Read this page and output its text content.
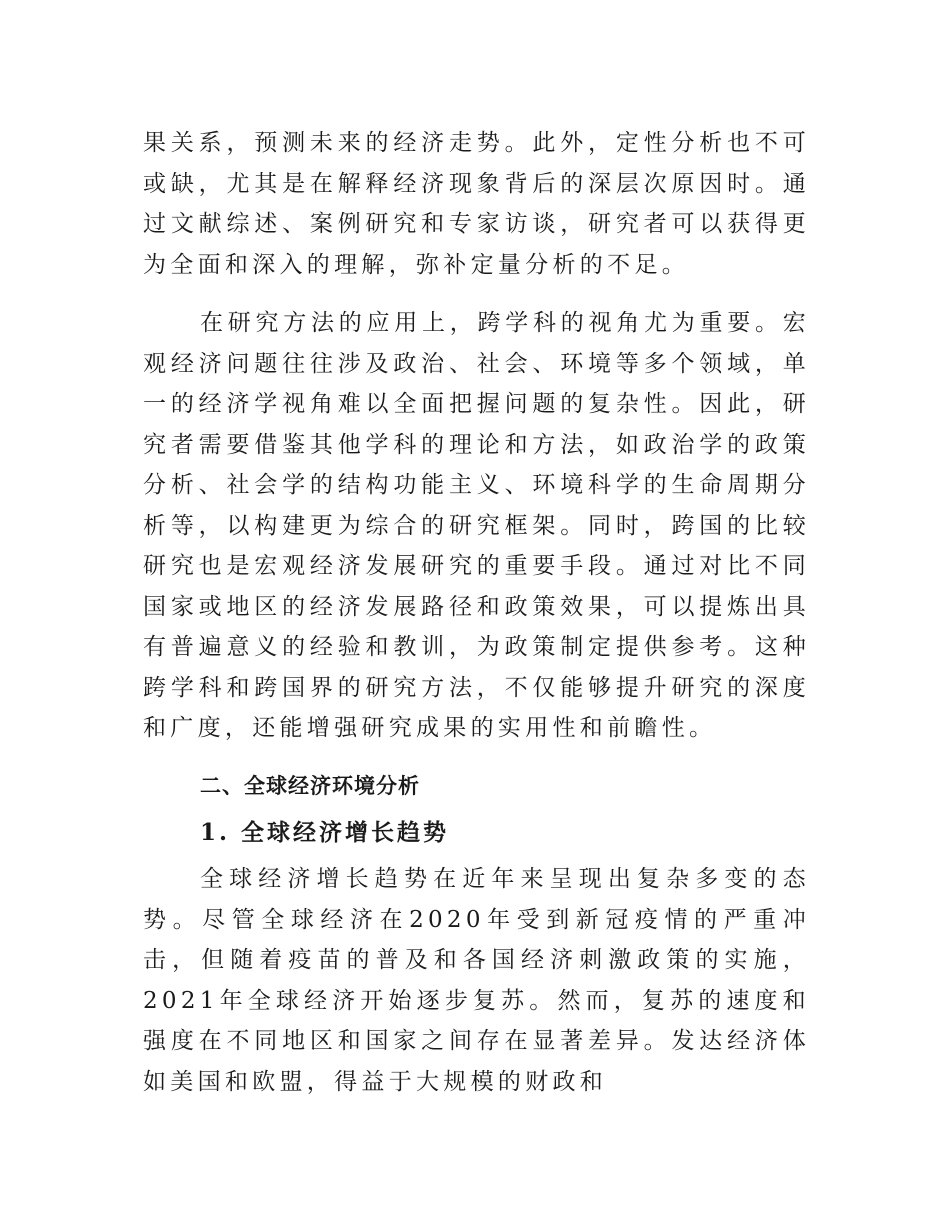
果关系，预测未来的经济走势。此外，定性分析也不可或缺，尤其是在解释经济现象背后的深层次原因时。通过文献综述、案例研究和专家访谈，研究者可以获得更为全面和深入的理解，弥补定量分析的不足。

在研究方法的应用上，跨学科的视角尤为重要。宏观经济问题往往涉及政治、社会、环境等多个领域，单一的经济学视角难以全面把握问题的复杂性。因此，研究者需要借鉴其他学科的理论和方法，如政治学的政策分析、社会学的结构功能主义、环境科学的生命周期分析等，以构建更为综合的研究框架。同时，跨国的比较研究也是宏观经济发展研究的重要手段。通过对比不同国家或地区的经济发展路径和政策效果，可以提炼出具有普遍意义的经验和教训，为政策制定提供参考。这种跨学科和跨国界的研究方法，不仅能够提升研究的深度和广度，还能增强研究成果的实用性和前瞻性。

二、全球经济环境分析
1. 全球经济增长趋势

全球经济增长趋势在近年来呈现出复杂多变的态势。尽管全球经济在2020年受到新冠疫情的严重冲击，但随着疫苗的普及和各国经济刺激政策的实施，2021年全球经济开始逐步复苏。然而，复苏的速度和强度在不同地区和国家之间存在显著差异。发达经济体如美国和欧盟，得益于大规模的财政和
